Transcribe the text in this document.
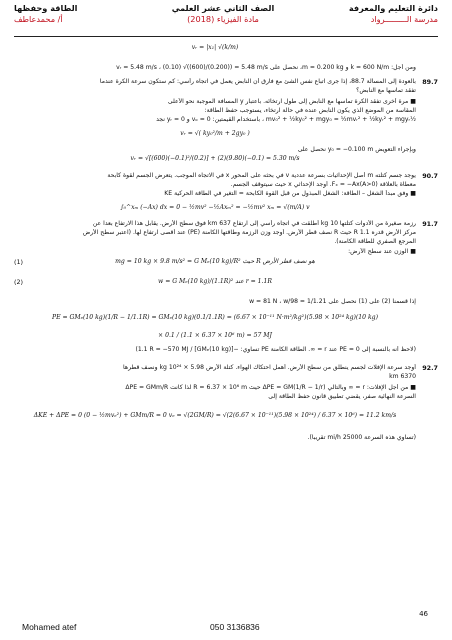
دائرة التعليم والمعرفة
مدرسة الـــــــــرواد
الصف الثاني عشر العلمي
مادة الفيزياء (2018)
الطاقة وحفظها
أ/ محمدعاطف
vᵣ = |x₁| √(k/m)
ومن أجل: k = 600 N/m و m = 0.200 kg، نحصل على vᵣ = 5.48 m/s ، (0.10) √((600)/(0.200)) = 5.48 m/s
بالعودة إلى المسألة 88.7، إذا جرى اتباع نفس الشئ مع فارق أن النابض يعمل في اتجاه رأسي: كم ستكون سرعة الكرة عندما 89.7
تفقد تماسها مع النابض؟
■ مرة أخرى تفقد الكرة تماسها مع النابض إلى طول ارتخائه. باعتبار y المسافة الموجبة نحو الأعلى
المقاسة من الموضع الذي يكون النابض عنده في حالة ارتخاء، يستوجب حفظ الطاقة:
½mv₀² + ½ky₀² + mgy₀ = ½mvᵣ² + ½kyᵣ² + mgyᵣ ، باستخدام القيمتين: vₒ = 0 و yᵣ = 0 نجد
vᵣ = √( ky₀²/m + 2gy₀ )
وبإجراء التعويض y₀ = −0.100 m نحصل على
vᵣ = √[(600)(−0.1)²/(0.2)] + (2)(9.80)(−0.1) = 5.30 m/s
يوجد جسم كتلته m أصل الإحداثيات بسرعة عددية v في بحثه على المحور x في الاتجاه الموجب. يتعرض الجسم لقوة كابحة 90.7
معطاة بالعلاقة Fₓ = −Ax(A>0). أوجد الإحداثي x حيث سيتوقف الجسم.
■ وفق مبدأ الشغل – الطاقة: الشغل المبذول من قبل القوة الكابحة = التغير في الطاقة الحركية KE
∫₀^xₘ (−Ax) dx = 0 − ½mv² −½Axₘ² = −½mv² xₘ = √(m/A) v
رزمة صغيرة من الأدوات كتلتها kg 10 أطلقت في اتجاه رأسي إلى ارتفاع km 637 فوق سطح الأرض. يقابل هذا الارتفاع بعداً عن 91.7
مركز الأرض قدره R 1.1 حيث R نصف قطر الأرض. أوجد وزن الرزمة وطاقتها الكامنة (PE) عند أقصى ارتفاع لها. (اعتبر سطح الأرض
المرجع الصفري للطاقة الكامنة).
■ الوزن عند سطح الأرض:
mg = 10 kg × 9.8 m/s² = G Mₑ(10 kg)/R² حيث R هو نصف قطر الأرض
(1)
w = G Mₑ(10 kg)/(1.1R)² عند r = 1.1R
(2)
إذا قسمنا (2) على (1) نحصل على w = 81 N ، w/98 = 1/1.21
PE = GMₑ(10 kg)(1/R − 1/1.1R) = GMₑ(10 kg)(0.1/1.1R) = (6.67 × 10⁻¹¹ N·m²/kg²)(5.98 × 10²⁴ kg)(10 kg)
× 0.1 / (1.1 × 6.37 × 10⁶ m) = 57 MJ
(لاحظ أنه بالنسبة إلى PE = 0 عند r = ∞. الطاقة الكامنة PE تساوي: −[GMₑ(10 kg)] / 1.1 R = −570 MJ)
أوجد سرعة الإفلات لجسم ينطلق من سطح الأرض. أهمل احتكاك الهواء. كتلة الأرض 5.98 × 10²⁴ kg ونصف قطرها 92.7
6370 km
■ من أجل الإفلات: r = ∞ وبالتالي ΔPE = GM(1/R − 1/r) حيث R = 6.37 × 10⁶ m لذا كانت ΔPE = GMm/R
السرعة النهائية صفر، يقضي تطبيق قانون حفظ الطاقة إلى
ΔKE + ΔPE = 0 (0 − ½mvₑ²) + GMm/R = 0 vₑ = √(2GM/R) = √(2(6.67 × 10⁻¹¹)(5.98 × 10²⁴) / 6.37 × 10⁶) = 11.2 km/s
(تساوي هذه السرعة 25000 mi/h تقريباً).
46
Mohamed atef	050 3136836
